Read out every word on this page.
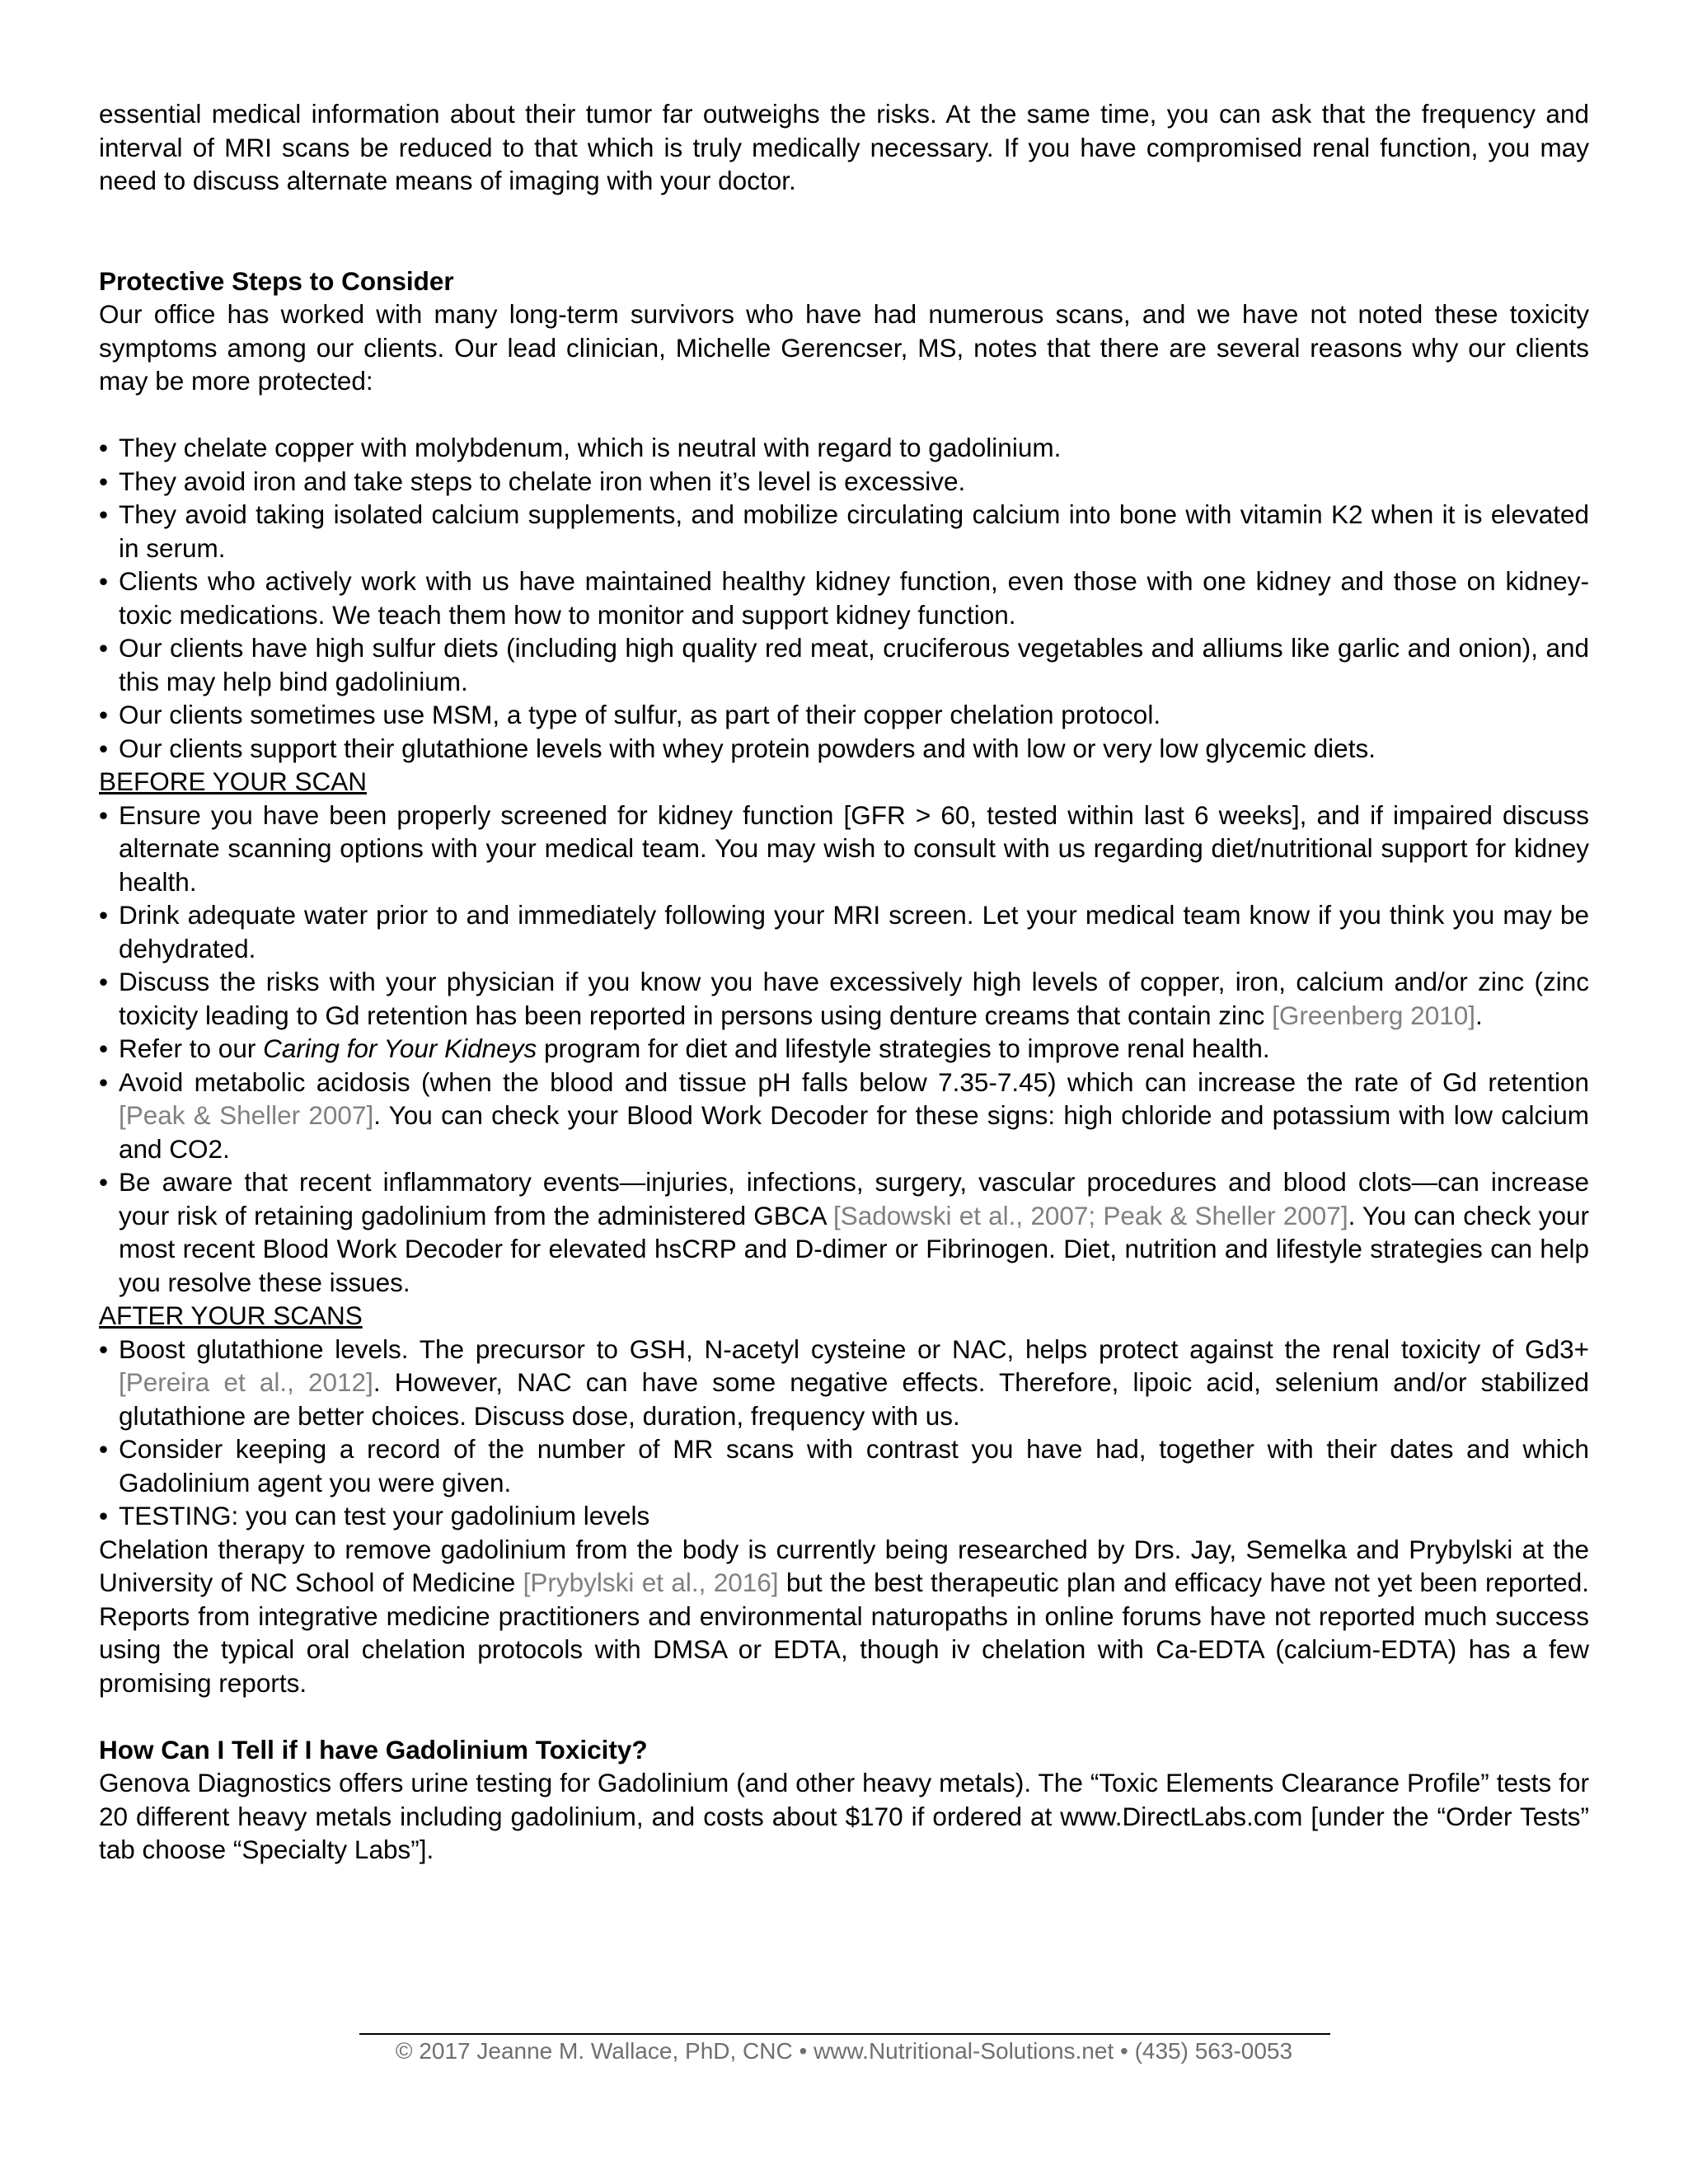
essential medical information about their tumor far outweighs the risks. At the same time, you can ask that the frequency and interval of MRI scans be reduced to that which is truly medically necessary. If you have compromised renal function, you may need to discuss alternate means of imaging with your doctor.

Protective Steps to Consider

Our office has worked with many long-term survivors who have had numerous scans, and we have not noted these toxicity symptoms among our clients. Our lead clinician, Michelle Gerencser, MS, notes that there are several reasons why our clients may be more protected:

• They chelate copper with molybdenum, which is neutral with regard to gadolinium.
• They avoid iron and take steps to chelate iron when it’s level is excessive.
• They avoid taking isolated calcium supplements, and mobilize circulating calcium into bone with vitamin K2 when it is elevated in serum.
• Clients who actively work with us have maintained healthy kidney function, even those with one kidney and those on kidney-toxic medications. We teach them how to monitor and support kidney function.
• Our clients have high sulfur diets (including high quality red meat, cruciferous vegetables and alliums like garlic and onion), and this may help bind gadolinium.
• Our clients sometimes use MSM, a type of sulfur, as part of their copper chelation protocol.
• Our clients support their glutathione levels with whey protein powders and with low or very low glycemic diets.

BEFORE YOUR SCAN

• Ensure you have been properly screened for kidney function [GFR > 60, tested within last 6 weeks], and if impaired discuss alternate scanning options with your medical team. You may wish to consult with us regarding diet/nutritional support for kidney health.
• Drink adequate water prior to and immediately following your MRI screen. Let your medical team know if you think you may be dehydrated.
• Discuss the risks with your physician if you know you have excessively high levels of copper, iron, calcium and/or zinc (zinc toxicity leading to Gd retention has been reported in persons using denture creams that contain zinc [Greenberg 2010].
• Refer to our Caring for Your Kidneys program for diet and lifestyle strategies to improve renal health.
• Avoid metabolic acidosis (when the blood and tissue pH falls below 7.35-7.45) which can increase the rate of Gd retention [Peak & Sheller 2007]. You can check your Blood Work Decoder for these signs: high chloride and potassium with low calcium and CO2.
• Be aware that recent inflammatory events—injuries, infections, surgery, vascular procedures and blood clots—can increase your risk of retaining gadolinium from the administered GBCA [Sadowski et al., 2007; Peak & Sheller 2007]. You can check your most recent Blood Work Decoder for elevated hsCRP and D-dimer or Fibrinogen. Diet, nutrition and lifestyle strategies can help you resolve these issues.

AFTER YOUR SCANS

• Boost glutathione levels. The precursor to GSH, N-acetyl cysteine or NAC, helps protect against the renal toxicity of Gd3+ [Pereira et al., 2012]. However, NAC can have some negative effects. Therefore, lipoic acid, selenium and/or stabilized glutathione are better choices. Discuss dose, duration, frequency with us.
• Consider keeping a record of the number of MR scans with contrast you have had, together with their dates and which Gadolinium agent you were given.
• TESTING: you can test your gadolinium levels

Chelation therapy to remove gadolinium from the body is currently being researched by Drs. Jay, Semelka and Prybylski at the University of NC School of Medicine [Prybylski et al., 2016] but the best therapeutic plan and efficacy have not yet been reported. Reports from integrative medicine practitioners and environmental naturopaths in online forums have not reported much success using the typical oral chelation protocols with DMSA or EDTA, though iv chelation with Ca-EDTA (calcium-EDTA) has a few promising reports.

How Can I Tell if I have Gadolinium Toxicity?

Genova Diagnostics offers urine testing for Gadolinium (and other heavy metals). The “Toxic Elements Clearance Profile” tests for 20 different heavy metals including gadolinium, and costs about $170 if ordered at www.DirectLabs.com [under the “Order Tests” tab choose “Specialty Labs”].

© 2017 Jeanne M. Wallace, PhD, CNC • www.Nutritional-Solutions.net • (435) 563-0053
